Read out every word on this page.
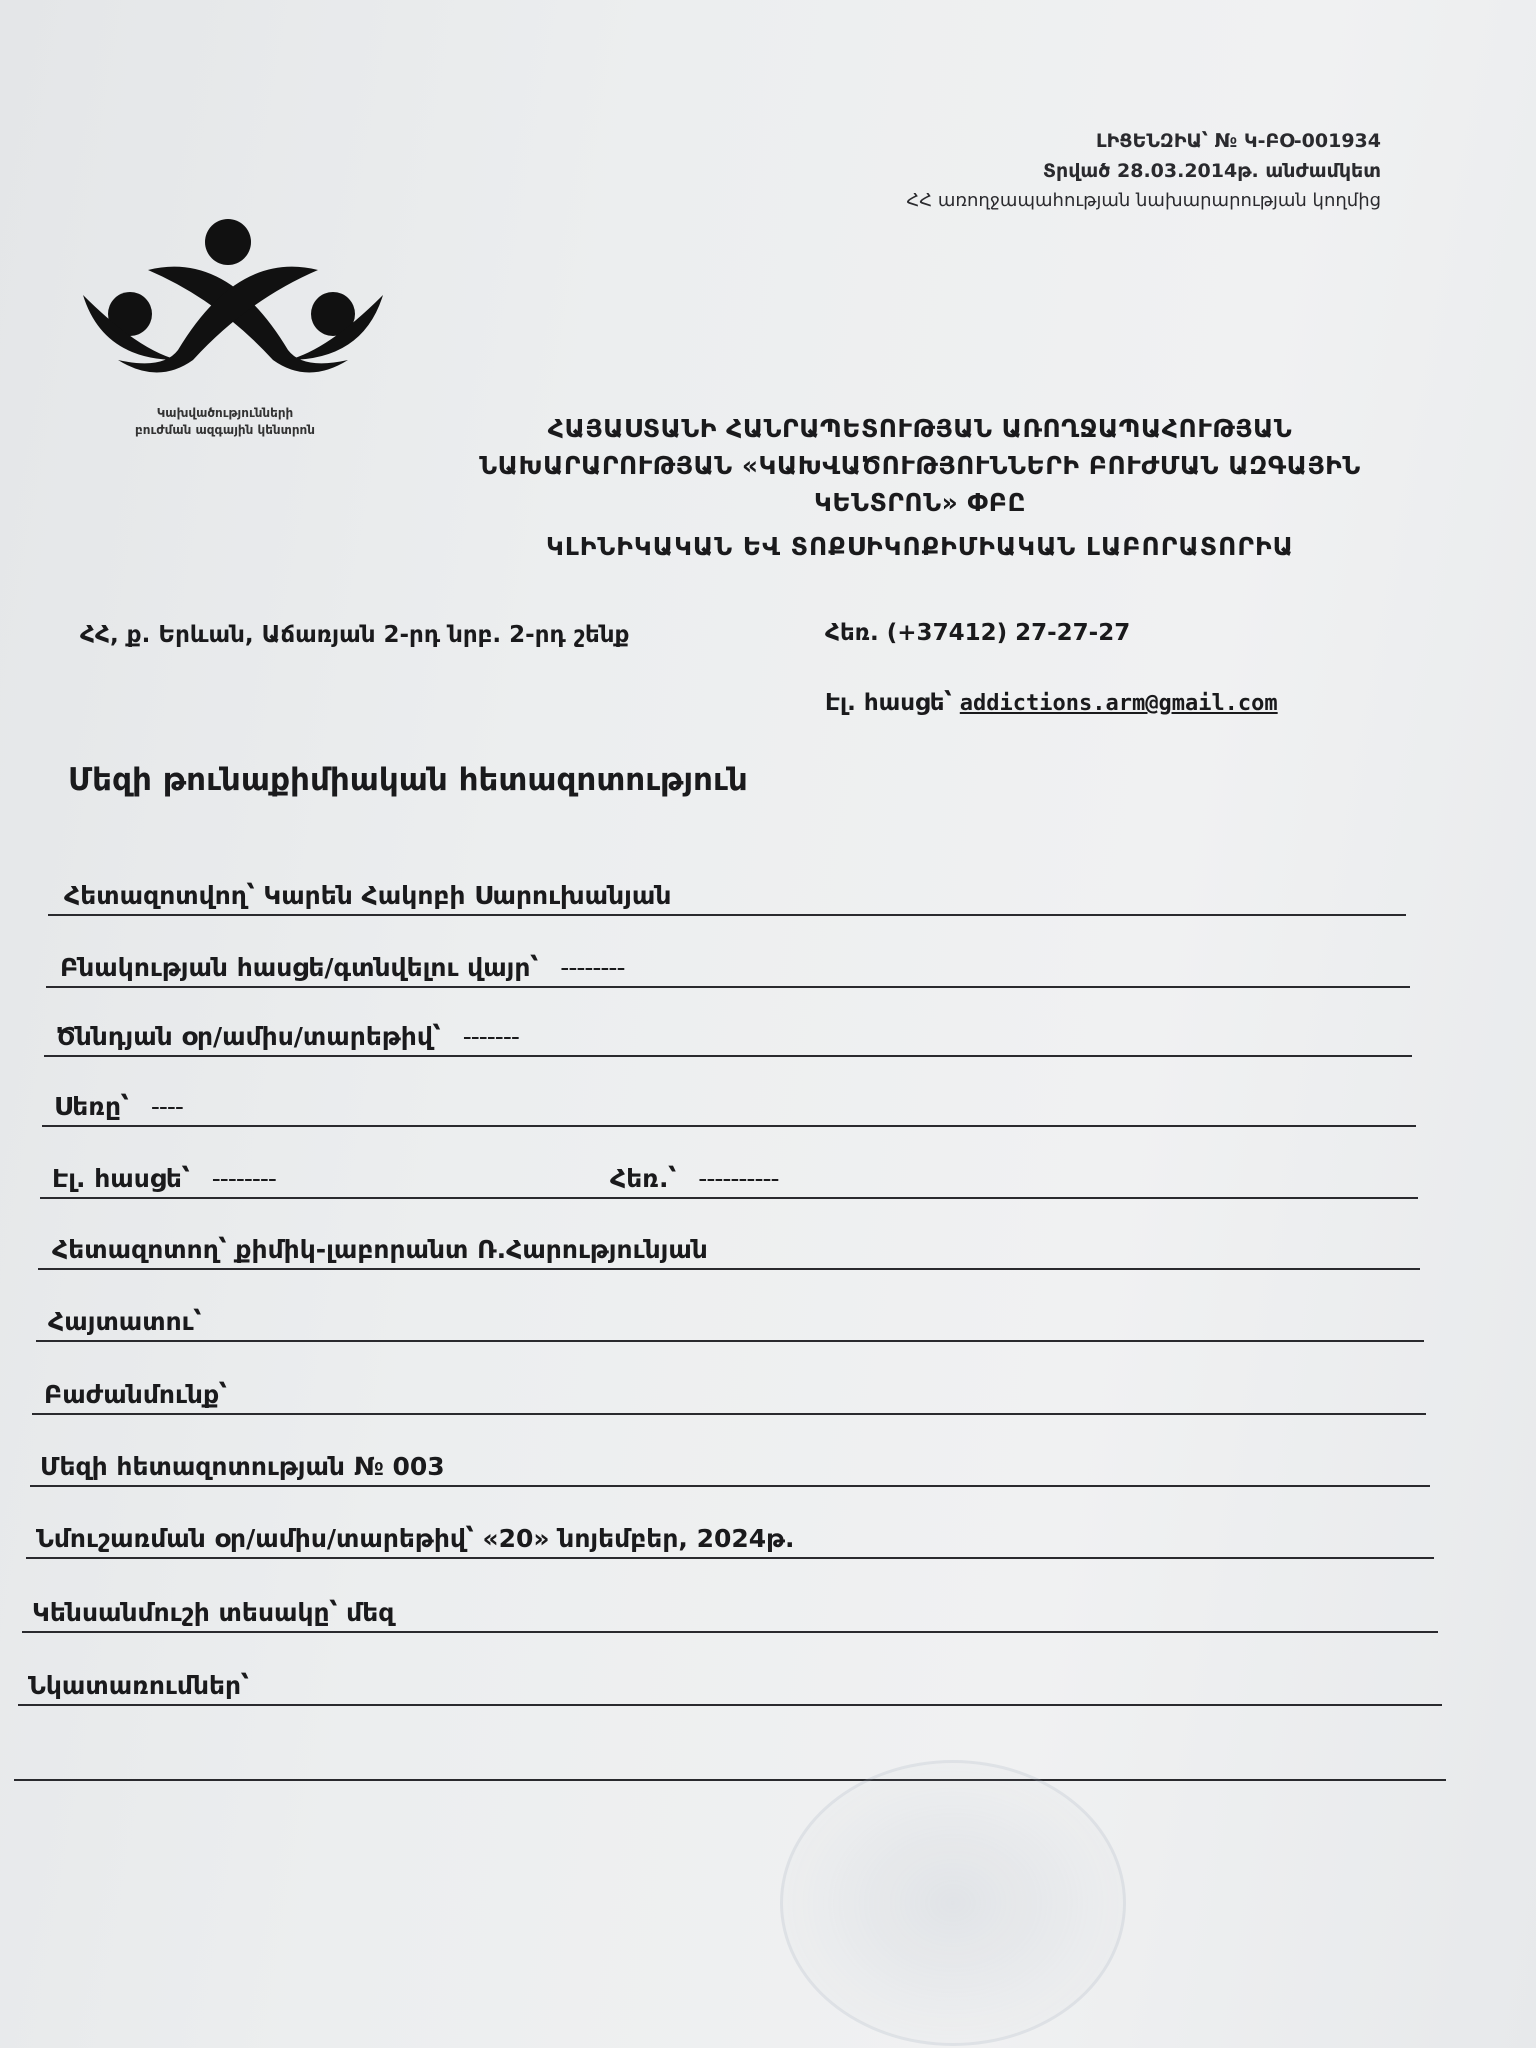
ԼԻՑԵՆԶԻԱ՝ № Կ-ԲՕ-001934
Տրված 28.03.2014թ. անժամկետ
ՀՀ առողջապահության նախարարության կողմից
Կախվածությունների
բուժման ազգային կենտրոն	ՀԱՅԱՍՏԱՆԻ ՀԱՆՐԱՊԵՏՈՒԹՅԱՆ ԱՌՈՂՋԱՊԱՀՈՒԹՅԱՆ
ՆԱԽԱՐԱՐՈՒԹՅԱՆ «ԿԱԽՎԱԾՈՒԹՅՈՒՆՆԵՐԻ ԲՈՒԺՄԱՆ ԱԶԳԱՅԻՆ
ԿԵՆՏՐՈՆ» ՓԲԸ
ԿԼԻՆԻԿԱԿԱՆ ԵՎ ՏՈՔՍԻԿՈՔԻՄԻԱԿԱՆ ԼԱԲՈՐԱՏՈՐԻԱ
ՀՀ, ք. Երևան, Աճառյան 2-րդ նրբ. 2-րդ շենք	Հեռ. (+37412) 27-27-27
Էլ. հասցե՝ addictions.arm@gmail.com
Մեզի թունաքիմիական հետազոտություն
Հետազոտվող՝ Կարեն Հակոբի Սարուխանյան
Բնակության հասցե/գտնվելու վայր՝ --------
Ծննդյան օր/ամիս/տարեթիվ՝ -------
Սեռը՝ ----
Էլ. հասցե՝ --------	Հեռ.՝ ----------
Հետազոտող՝ քիմիկ-լաբորանտ Ռ.Հարությունյան
Հայտատու՝
Բաժանմունք՝
Մեզի հետազոտության № 003
Նմուշառման օր/ամիս/տարեթիվ՝ «20» նոյեմբեր, 2024թ.
Կենսանմուշի տեսակը՝ մեզ
Նկատառումներ՝
